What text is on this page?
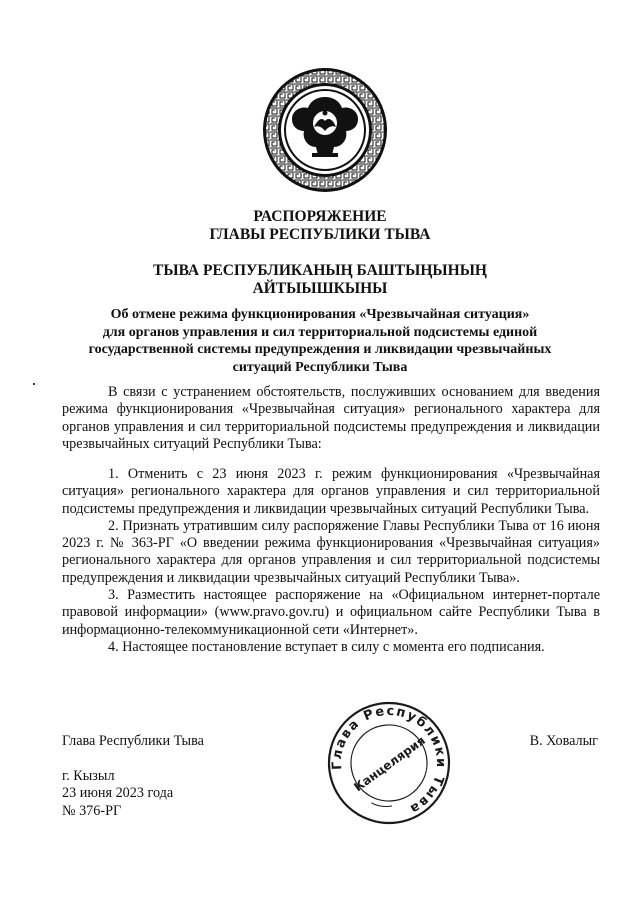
РАСПОРЯЖЕНИЕ
ГЛАВЫ РЕСПУБЛИКИ ТЫВА
ТЫВА РЕСПУБЛИКАНЫҢ БАШТЫҢЫНЫҢ
АЙТЫЫШКЫНЫ
Об отмене режима функционирования «Чрезвычайная ситуация»
для органов управления и сил территориальной подсистемы единой
государственной системы предупреждения и ликвидации чрезвычайных
ситуаций Республики Тыва

В связи с устранением обстоятельств, послуживших основанием для введения режима функционирования «Чрезвычайная ситуация» регионального характера для органов управления и сил территориальной подсистемы предупреждения и ликвидации чрезвычайных ситуаций Республики Тыва:

1. Отменить с 23 июня 2023 г. режим функционирования «Чрезвычайная ситуация» регионального характера для органов управления и сил территориальной подсистемы предупреждения и ликвидации чрезвычайных ситуаций Республики Тыва.

2. Признать утратившим силу распоряжение Главы Республики Тыва от 16 июня 2023 г. № 363-РГ «О введении режима функционирования «Чрезвычайная ситуация» регионального характера для органов управления и сил территориальной подсистемы предупреждения и ликвидации чрезвычайных ситуаций Республики Тыва».

3. Разместить настоящее распоряжение на «Официальном интернет-портале правовой информации» (www.pravo.gov.ru) и официальном сайте Республики Тыва в информационно-телекоммуникационной сети «Интернет».

4. Настоящее постановление вступает в силу с момента его подписания.

Глава Республики Тыва	В. Ховалыг
г. Кызыл
23 июня 2023 года
№ 376-РГ
Глава Республики Тыва
Канцелярия
